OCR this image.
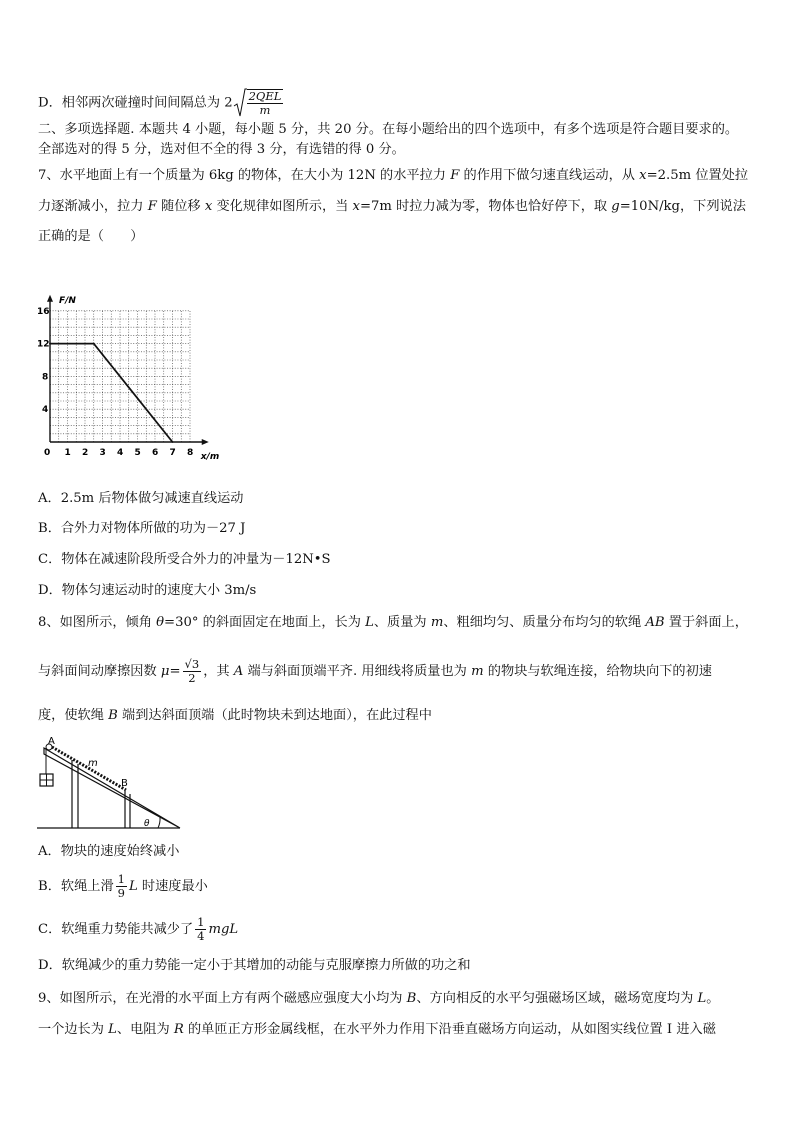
D．相邻两次碰撞时间间隔总为 $2 \frac{\text{2QEL}}{m}$
二、多项选择题. 本题共 4 小题，每小题 5 分，共 20 分。在每小题给出的四个选项中，有多个选项是符合题目要求的。
全部选对的得 5 分，选对但不全的得 3 分，有选错的得 0 分。
7、水平地面上有一个质量为 6kg 的物体，在大小为 12N 的水平拉力 F 的作用下做匀速直线运动，从 x=2.5m 位置处拉
力逐渐减小，拉力 F 随位移 x 变化规律如图所示，当 x=7m 时拉力减为零，物体也恰好停下，取 g=10N/kg，下列说法
正确的是（　　）
F/N
x/m
0 1 2 3 4 5 6 7 8
4
8
12
16
A．2.5m 后物体做匀减速直线运动
B．合外力对物体所做的功为－27 J
C．物体在减速阶段所受合外力的冲量为－12N•S
D．物体匀速运动时的速度大小 3m/s
8、如图所示，倾角 θ=30° 的斜面固定在地面上，长为 L、质量为 m、粗细均匀、质量分布均匀的软绳 AB 置于斜面上，
与斜面间动摩擦因数 $\mu= \frac{√3}{2}$ ，其 A 端与斜面顶端平齐. 用细线将质量也为 m 的物块与软绳连接，给物块向下的初速
度，使软绳 B 端到达斜面顶端（此时物块未到达地面），在此过程中
A
B
m
θ
A．物块的速度始终减小
B．软绳上滑 $\frac{1}{9}$ L 时速度最小
C．软绳重力势能共减少了 $\frac{1}{4}$ mgL
D．软绳减少的重力势能一定小于其增加的动能与克服摩擦力所做的功之和
9、如图所示，在光滑的水平面上方有两个磁感应强度大小均为 B、方向相反的水平匀强磁场区域，磁场宽度均为 L。
一个边长为 L、电阻为 R 的单匝正方形金属线框，在水平外力作用下沿垂直磁场方向运动，从如图实线位置 Ⅰ 进入磁
